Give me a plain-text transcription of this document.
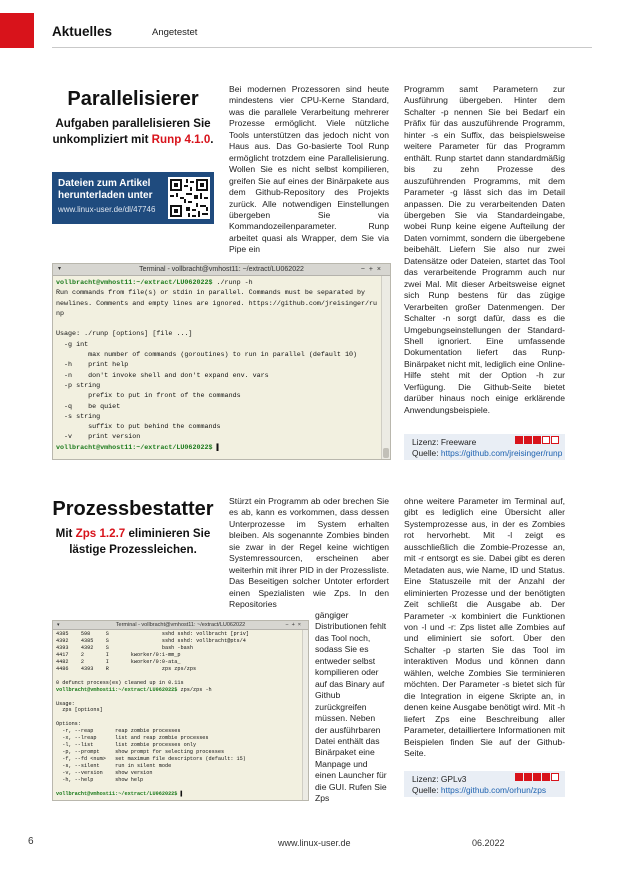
Aktuelles	Angetestet
Parallelisierer
Aufgaben parallelisieren Sie unkompliziert mit Runp 4.1.0.
Dateien zum Artikel herunterladen unter
www.linux-user.de/dl/47746
Bei modernen Prozessoren sind heute mindestens vier CPU-Kerne Standard, was die parallele Verarbeitung mehrerer Prozesse ermöglicht. Viele nützliche Tools unterstützen das jedoch nicht von Haus aus. Das Go-basierte Tool Runp ermöglicht trotzdem eine Parallelisierung. Wollen Sie es nicht selbst kompilieren, greifen Sie auf eines der Binärpakete aus dem Github-Repository des Projekts zurück. Alle notwendigen Einstellungen übergeben Sie via Kommandozeilenparameter. Runp arbeitet quasi als Wrapper, dem Sie via Pipe ein
Programm samt Parametern zur Ausführung übergeben. Hinter dem Schalter -p nennen Sie bei Bedarf ein Präfix für das auszuführende Programm, hinter -s ein Suffix, das beispielsweise weitere Parameter für das Programm enthält. Runp startet dann standardmäßig bis zu zehn Prozesse des auszuführenden Programms, mit dem Parameter -g lässt sich das im Detail anpassen. Die zu verarbeitenden Daten übergeben Sie via Standardeingabe, wobei Runp keine eigene Aufteilung der Daten vornimmt, sondern die übergebene beibehält. Liefern Sie also nur zwei Datensätze oder Dateien, startet das Tool das verarbeitende Programm auch nur zwei Mal. Mit dieser Arbeitsweise eignet sich Runp bestens für das zügige Verarbeiten großer Datenmengen. Der Schalter -n sorgt dafür, dass es die Umgebungseinstellungen der Standard-Shell ignoriert. Eine umfassende Dokumentation liefert das Runp-Binärpaket nicht mit, lediglich eine Online-Hilfe steht mit der Option -h zur Verfügung. Die Github-Seite bietet darüber hinaus noch einige erklärende Anwendungsbeispiele.
▾	Terminal - vollbracht@vmhost11: ~/extract/LU062022	−+×
vollbracht@vmhost11:~/extract/LU062022$ ./runp -h
Run commands from file(s) or stdin in parallel. Commands must be separated by
newlines. Comments and empty lines are ignored. https://github.com/jreisinger/ru
np

Usage: ./runp [options] [file ...]
-g int
max number of commands (goroutines) to run in parallel (default 10)
-h    print help
-n    don't invoke shell and don't expand env. vars
-p string
prefix to put in front of the commands
-q    be quiet
-s string
suffix to put behind the commands
-v    print version
vollbracht@vmhost11:~/extract/LU062022$ ▌
Lizenz: Freeware
Quelle: https://github.com/jreisinger/runp
Prozessbestatter
Mit Zps 1.2.7 eliminieren Sie lästige Prozessleichen.
Stürzt ein Programm ab oder brechen Sie es ab, kann es vorkommen, dass dessen Unterprozesse im System erhalten bleiben. Als sogenannte Zombies binden sie zwar in der Regel keine wichtigen Systemressourcen, erscheinen aber weiterhin mit ihrer PID in der Prozessliste. Das Beseitigen solcher Untoter erfordert einen Spezialisten wie Zps. In den Repositories
gängiger Distributionen fehlt das Tool noch, sodass Sie es entweder selbst kompilieren oder auf das Binary auf Github zurückgreifen müssen. Neben der ausführbaren Datei enthält das Binärpaket eine Manpage und einen Launcher für die GUI. Rufen Sie Zps
ohne weitere Parameter im Terminal auf, gibt es lediglich eine Übersicht aller Systemprozesse aus, in der es Zombies rot hervorhebt. Mit -l zeigt es ausschließlich die Zombie-Prozesse an, mit -r entsorgt es sie. Dabei gibt es deren Metadaten aus, wie Name, ID und Status. Eine Statuszeile mit der Anzahl der eliminierten Prozesse und der benötigten Zeit schließt die Ausgabe ab. Der Parameter -x kombiniert die Funktionen von -l und -r: Zps listet alle Zombies auf und eliminiert sie sofort. Über den Schalter -p starten Sie das Tool im interaktiven Modus und können dann wählen, welche Zombies Sie terminieren möchten. Der Parameter -s bietet sich für die Integration in eigene Skripte an, in denen keine Ausgabe benötigt wird. Mit -h liefert Zps eine Beschreibung aller Parameter, detailliertere Informationen mit Beispielen finden Sie auf der Github-Seite.
▾	Terminal - vollbracht@vmhost11: ~/extract/LU062022	−+×
4385    598     S                 sshd sshd: vollbracht [priv]
4392    4385    S                 sshd sshd: vollbracht@pts/4
4393    4392    S                 bash -bash
4417    2       I       kworker/0:1-mm_p
4482    2       I       kworker/0:0-ata_
4486    4393    R                 zps zps/zps

0 defunct process(es) cleaned up in 0.11s
vollbracht@vmhost11:~/extract/LU062022$ zps/zps -h

Usage:
zps [options]

Options:
-r, --reap       reap zombie processes
-x, --lreap      list and reap zombie processes
-l, --list       list zombie processes only
-p, --prompt     show prompt for selecting processes
-f, --fd <num>   set maximum file descriptors (default: 15)
-s, --silent     run in silent mode
-v, --version    show version
-h, --help       show help

vollbracht@vmhost11:~/extract/LU062022$ ▌
Lizenz: GPLv3
Quelle: https://github.com/orhun/zps
6	www.linux-user.de	06.2022
